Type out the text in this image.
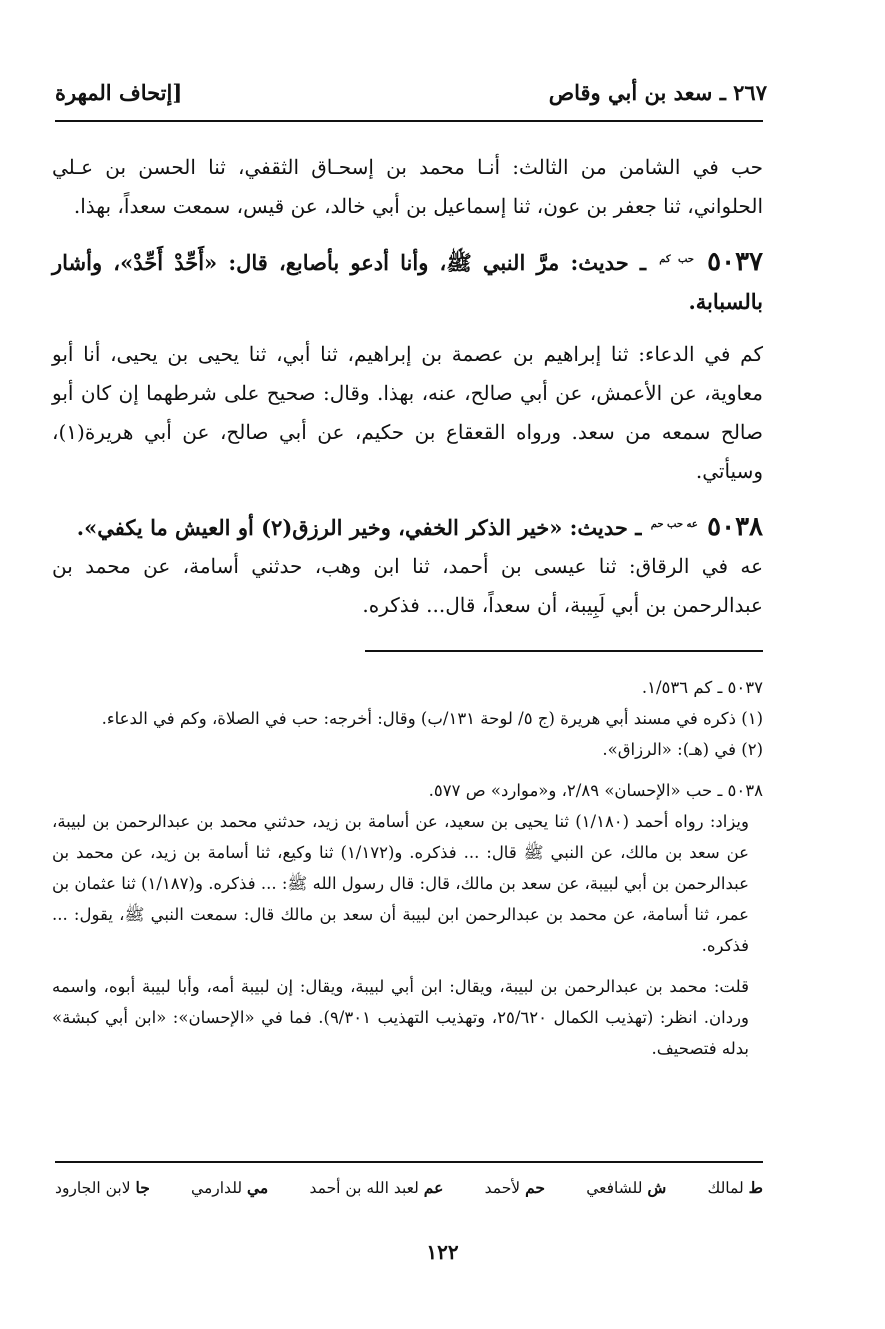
٢٦٧ ـ سعد بن أبي وقاص
[إتحاف المهرة

حب في الشامن من الثالث: أنـا محمد بن إسحـاق الثقفي، ثنا الحسن بن عـلي الحلواني، ثنا جعفر بن عون، ثنا إسماعيل بن أبي خالد، عن قيس، سمعت سعداً، بهذا.

٥٠٣٧ $^{حب كم}$ ـ حديث: مرَّ النبي ﷺ، وأنا أدعو بأصابع، قال: «أَحِّدْ أَحِّدْ»، وأشار بالسبابة.

كم في الدعاء: ثنا إبراهيم بن عصمة بن إبراهيم، ثنا أبي، ثنا يحيى بن يحيى، أنا أبو معاوية، عن الأعمش، عن أبي صالح، عنه، بهذا. وقال: صحيح على شرطهما إن كان أبو صالح سمعه من سعد. ورواه القعقاع بن حكيم، عن أبي صالح، عن أبي هريرة(١)، وسيأتي.

٥٠٣٨ $^{عه حب حم}$ ـ حديث: «خير الذكر الخفي، وخير الرزق(٢) أو العيش ما يكفي».

عه في الرقاق: ثنا عيسى بن أحمد، ثنا ابن وهب، حدثني أسامة، عن محمد بن عبدالرحمن بن أبي لَبِيبة، أن سعداً، قال... فذكره.

٥٠٣٧ ـ كم ١/٥٣٦.

(١) ذكره في مسند أبي هريرة (ج ٥/ لوحة ١٣١/ب) وقال: أخرجه: حب في الصلاة، وكم في الدعاء.

(٢) في (هـ): «الرزاق».

٥٠٣٨ ـ حب «الإحسان» ٢/٨٩، و«موارد» ص ٥٧٧.

ويزاد: رواه أحمد (١/١٨٠) ثنا يحيى بن سعيد، عن أسامة بن زيد، حدثني محمد بن عبدالرحمن بن لبيبة، عن سعد بن مالك، عن النبي ﷺ قال: ... فذكره. و(١/١٧٢) ثنا وكيع، ثنا أسامة بن زيد، عن محمد بن عبدالرحمن بن أبي لبيبة، عن سعد بن مالك، قال: قال رسول الله ﷺ: ... فذكره. و(١/١٨٧) ثنا عثمان بن عمر، ثنا أسامة، عن محمد بن عبدالرحمن ابن لبيبة أن سعد بن مالك قال: سمعت النبي ﷺ، يقول: ... فذكره.

قلت: محمد بن عبدالرحمن بن لبيبة، ويقال: ابن أبي لبيبة، ويقال: إن لبيبة أمه، وأبا لبيبة أبوه، واسمه وردان. انظر: (تهذيب الكمال ٢٥/٦٢٠، وتهذيب التهذيب ٩/٣٠١). فما في «الإحسان»: «ابن أبي كبشة» بدله فتصحيف.

ط لمالك
ش للشافعي
حم لأحمد
عم لعبد الله بن أحمد
مي للدارمي
جا لابن الجارود
١٢٢
